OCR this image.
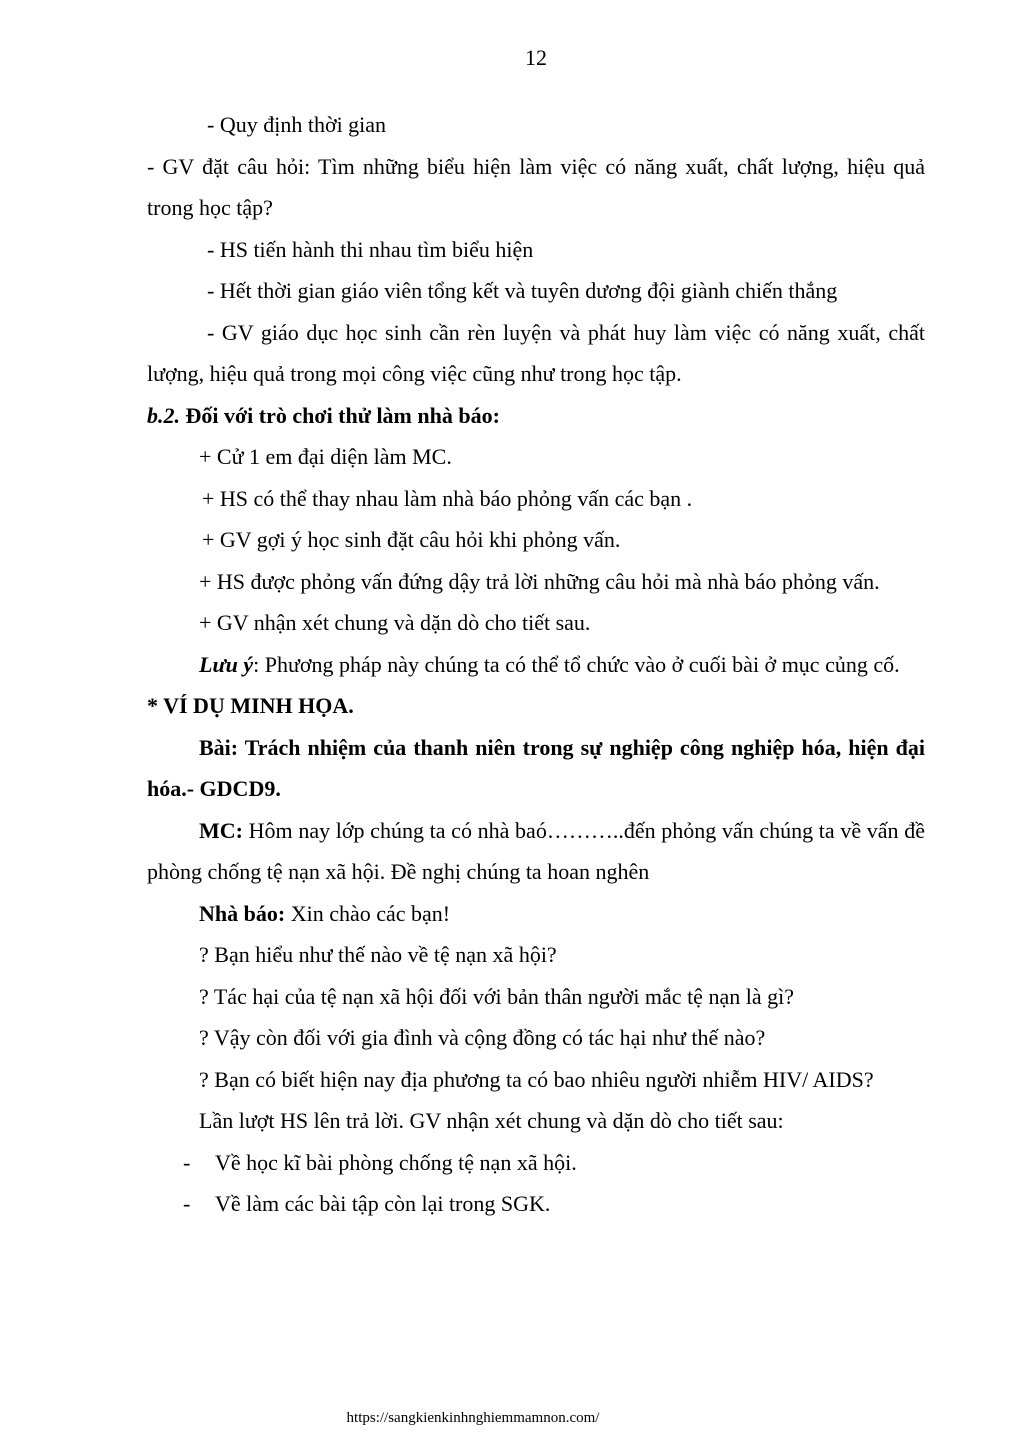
12

- Quy định thời gian

- GV đặt câu hỏi: Tìm những biểu hiện làm việc có năng xuất, chất lượng, hiệu quả trong học tập?

- HS tiến hành thi nhau tìm biểu hiện

- Hết thời gian giáo viên tổng kết và tuyên dương đội giành chiến thắng

- GV giáo dục học sinh cần rèn luyện và phát huy làm việc có năng xuất, chất lượng, hiệu quả trong mọi công việc cũng như trong học tập.

b.2. Đối với trò chơi thử làm nhà báo:

+ Cử 1 em đại diện làm MC.

+ HS có thể thay nhau làm nhà báo phỏng vấn các bạn .

+ GV gợi ý học sinh đặt câu hỏi khi phỏng vấn.

+ HS được phỏng vấn đứng dậy trả lời những câu hỏi mà nhà báo phỏng vấn.

+ GV nhận xét chung và dặn dò cho tiết sau.

Lưu ý: Phương pháp này chúng ta có thể tổ chức vào ở cuối bài ở mục củng cố.

* VÍ DỤ MINH HỌA.

Bài: Trách nhiệm của thanh niên trong sự nghiệp công nghiệp hóa, hiện đại hóa.- GDCD9.

MC: Hôm nay lớp chúng ta có nhà baó………..đến phỏng vấn chúng ta về vấn đề phòng chống tệ nạn xã hội. Đề nghị chúng ta hoan nghên

Nhà báo: Xin chào các bạn!

? Bạn hiểu như thế nào về tệ nạn xã hội?

? Tác hại của tệ nạn xã hội đối với bản thân người mắc tệ nạn là gì?

? Vậy còn đối với gia đình và cộng đồng có tác hại như thế nào?

? Bạn có biết hiện nay địa phương ta có bao nhiêu người nhiễm HIV/ AIDS?

Lần lượt HS lên trả lời. GV nhận xét chung và dặn dò cho tiết sau:

-	Về học kĩ bài phòng chống tệ nạn xã hội.
-	Về làm các bài tập còn lại trong SGK.
https://sangkienkinhnghiemmamnon.com/
